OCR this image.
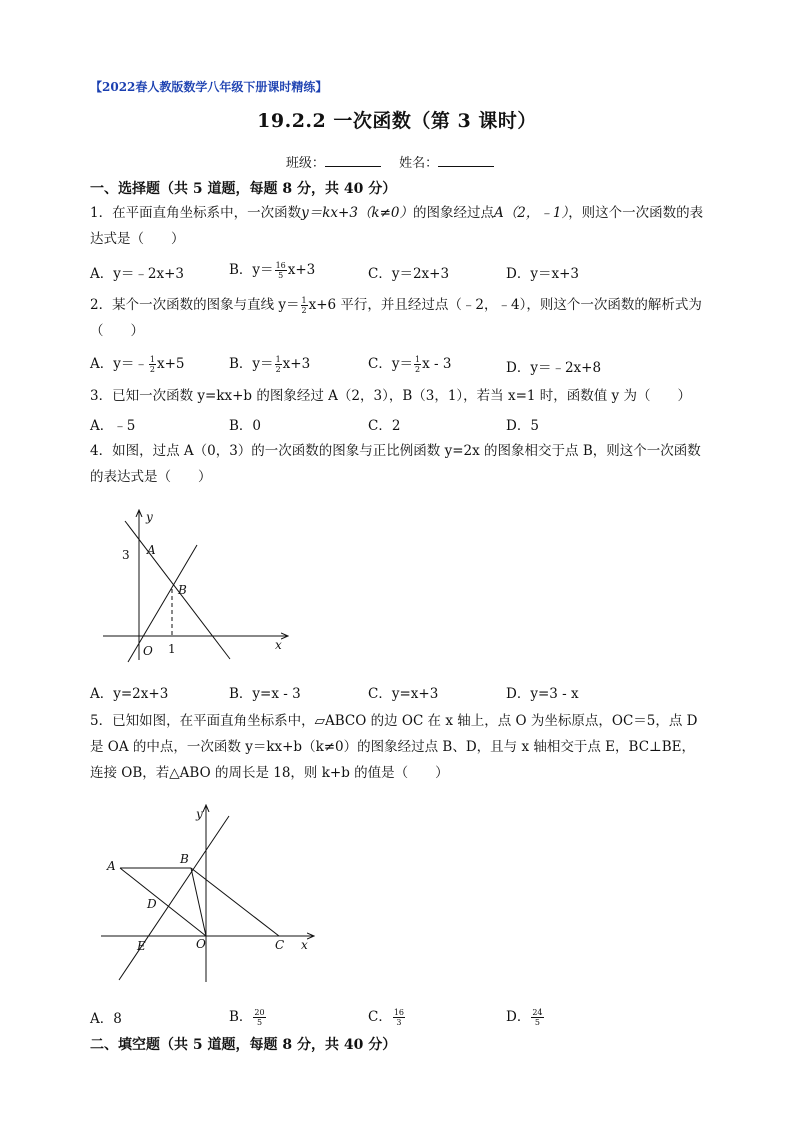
【2022春人教版数学八年级下册课时精练】
19.2.2 一次函数（第 3 课时）
班级：	姓名：
一、选择题（共 5 道题，每题 8 分，共 40 分）
1．在平面直角坐标系中，一次函数y＝kx+3（k≠0）的图象经过点A（2，﹣1），则这个一次函数的表达式是（　　）
A．y＝﹣2x+3	B．$y= \frac{16}{5} x+3$	C．y＝2x+3	D．y＝x+3
2．某个一次函数的图象与直线 $y= \frac{1}{2} x+6$ 平行，并且经过点（﹣2，﹣4），则这个一次函数的解析式为（　　）
A．y＝﹣ $\frac{1}{2} x+5$	B．$y= \frac{1}{2} x+3$	C．$y= \frac{1}{2}$ x - 3	D．y＝﹣2x+8
3．已知一次函数 y=kx+b 的图象经过 A（2，3），B（3，1），若当 x=1 时，函数值 y 为（　　）
A．﹣5	B．0	C．2	D．5
4．如图，过点 A（0，3）的一次函数的图象与正比例函数 y=2x 的图象相交于点 B，则这个一次函数的表达式是（　　）
y
x
A
B
O
3
1
A．y=2x+3	B．y=x - 3	C．y=x+3	D．y=3 - x
5．已知如图，在平面直角坐标系中，▱ABCO 的边 OC 在 x 轴上，点 O 为坐标原点，OC＝5，点 D 是 OA 的中点，一次函数 y＝kx+b（k≠0）的图象经过点 B、D，且与 x 轴相交于点 E，BC⊥BE，连接 OB，若△ABO 的周长是 18，则 k+b 的值是（　　）
y
x
A	B
C
D
E	O
A．8	B． $\frac{20}{5}$	C． $\frac{16}{3}$	D． $\frac{24}{5}$
二、填空题（共 5 道题，每题 8 分，共 40 分）
